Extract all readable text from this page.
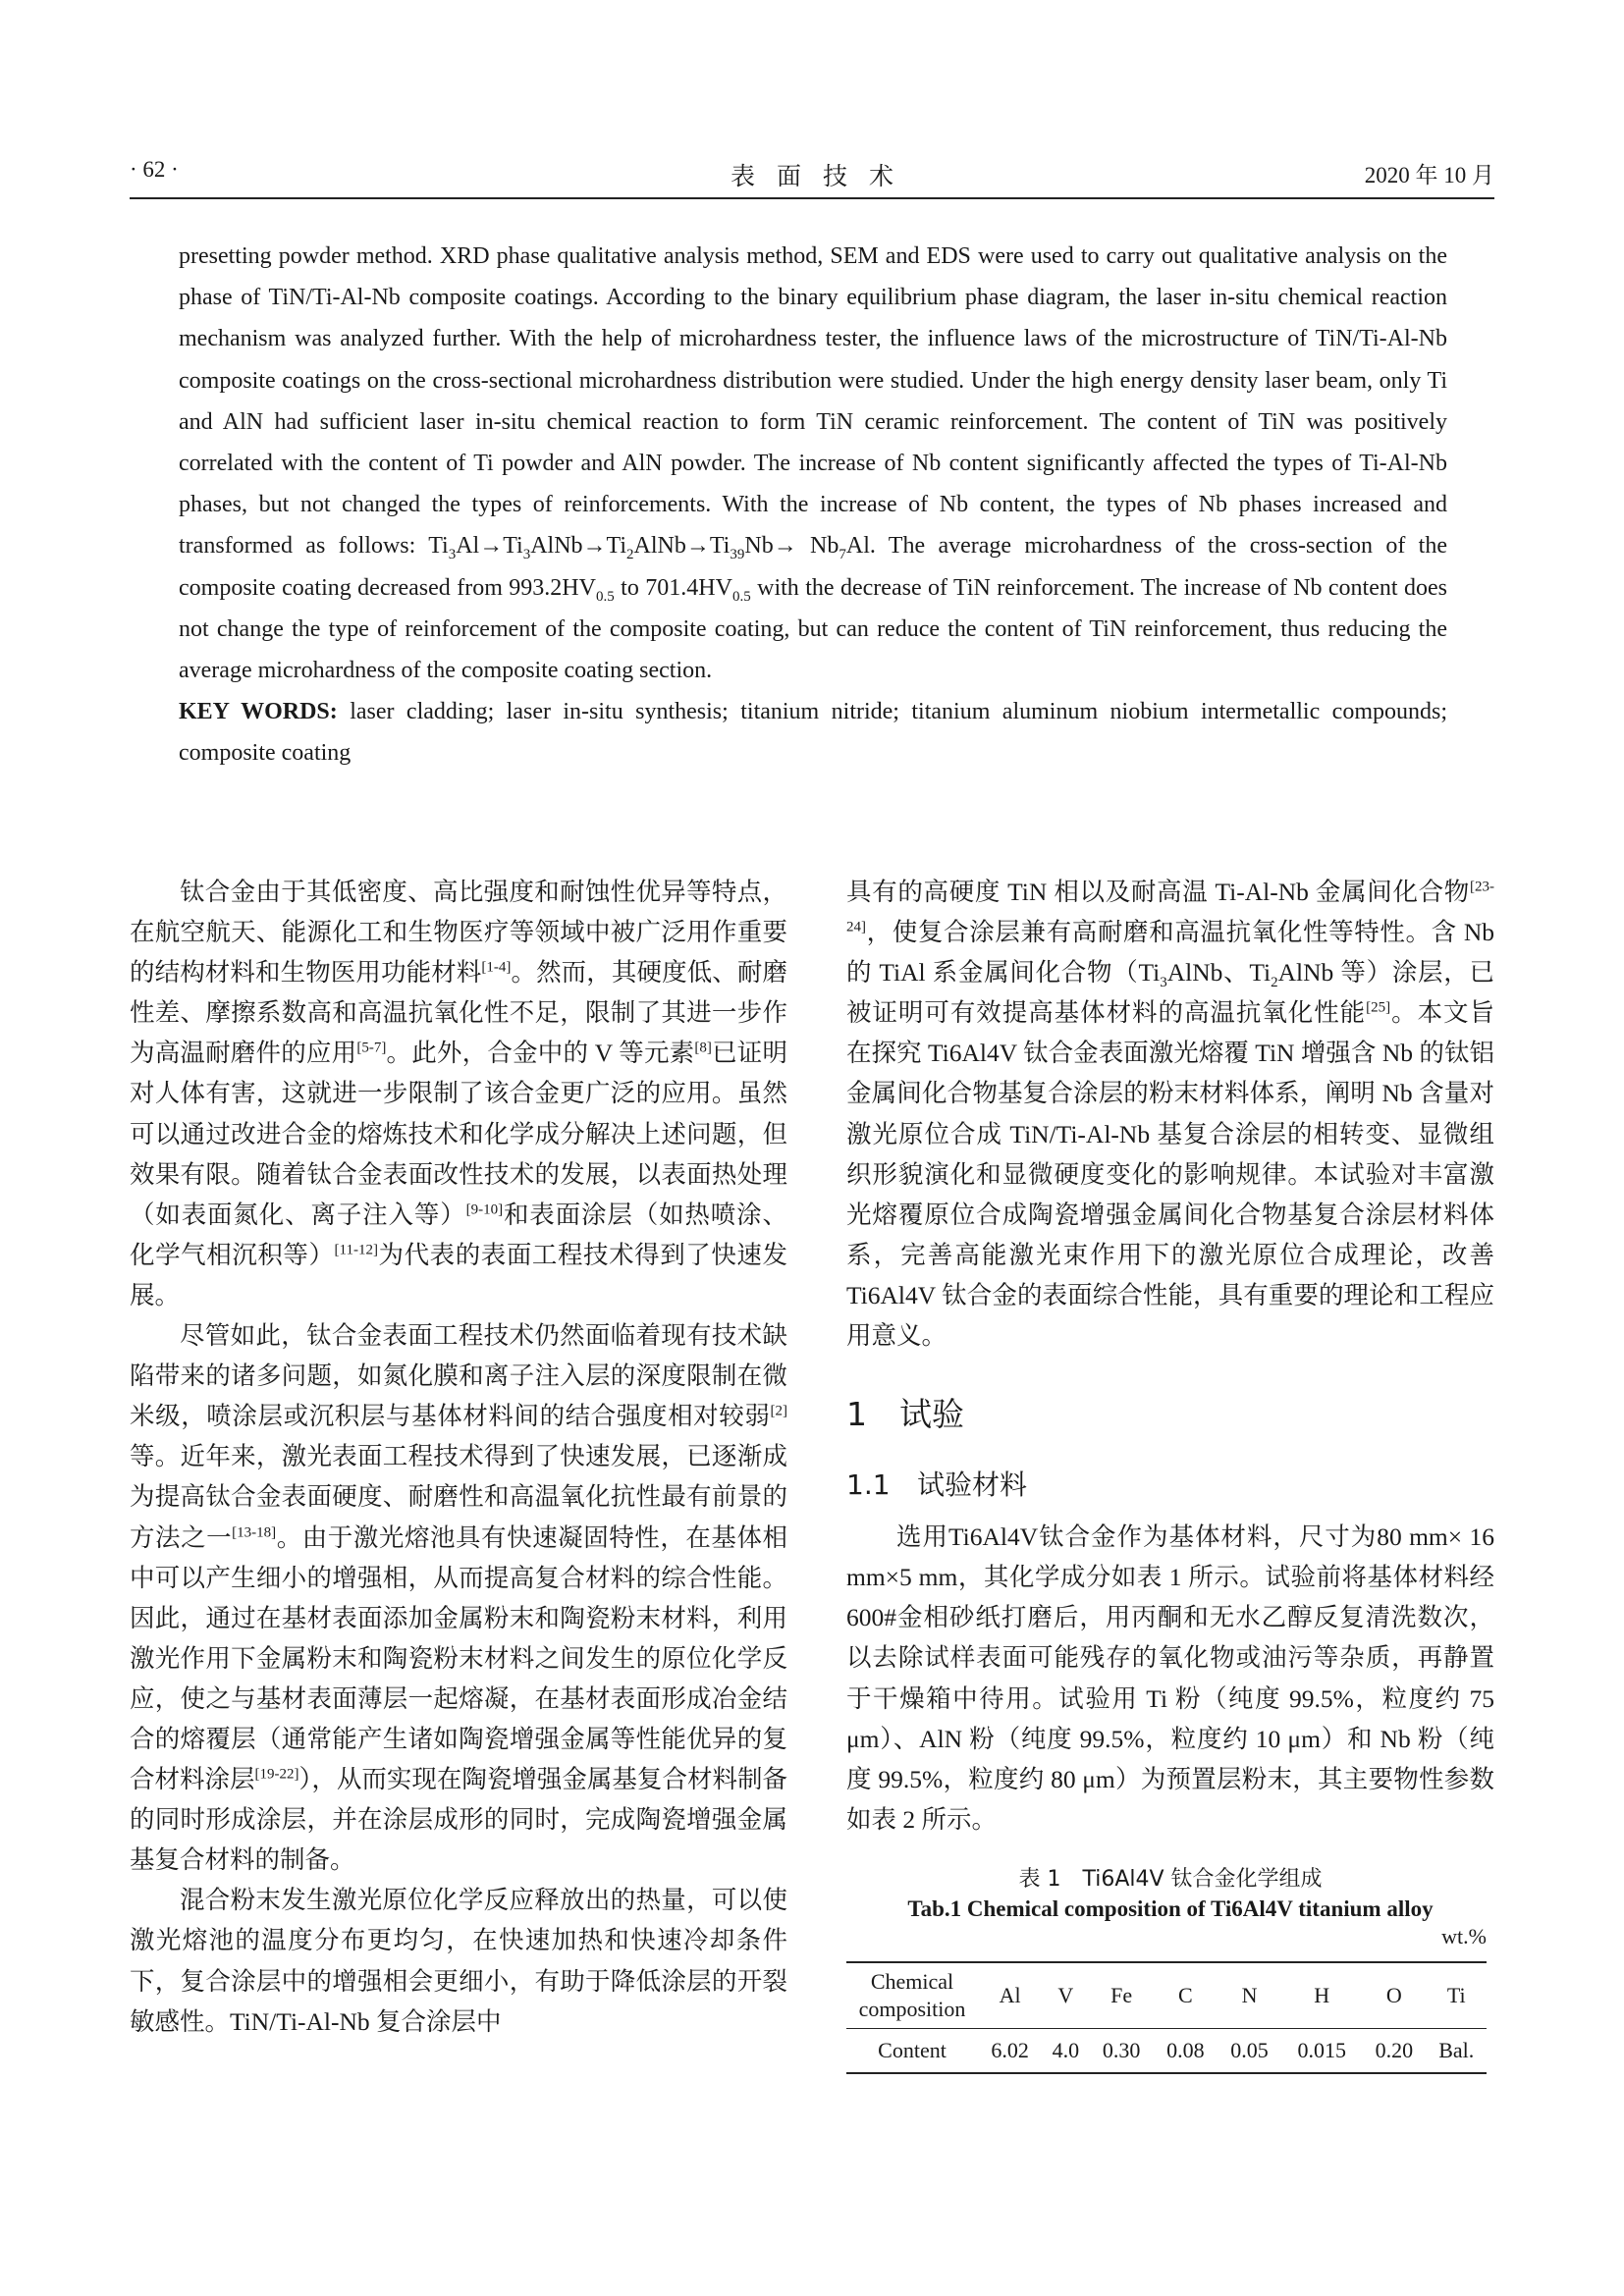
· 62 ·	表面技术	2020 年 10 月

presetting powder method. XRD phase qualitative analysis method, SEM and EDS were used to carry out qualitative analysis on the phase of TiN/Ti-Al-Nb composite coatings. According to the binary equilibrium phase diagram, the laser in-situ chemical reaction mechanism was analyzed further. With the help of microhardness tester, the influence laws of the microstructure of TiN/Ti-Al-Nb composite coatings on the cross-sectional microhardness distribution were studied. Under the high energy density laser beam, only Ti and AlN had sufficient laser in-situ chemical reaction to form TiN ceramic reinforcement. The content of TiN was positively correlated with the content of Ti powder and AlN powder. The increase of Nb content significantly affected the types of Ti-Al-Nb phases, but not changed the types of reinforcements. With the increase of Nb content, the types of Nb phases increased and transformed as follows: $Ti_3Al\to Ti_3AlNb\to Ti_2AlNb\to Ti_{39}Nb\to Nb_7Al$. The average microhardness of the cross-section of the composite coating decreased from $993.2HV_{0.5}$ to $701.4HV_{0.5}$ with the decrease of TiN reinforcement. The increase of Nb content does not change the type of reinforcement of the composite coating, but can reduce the content of TiN reinforcement, thus reducing the average microhardness of the composite coating section.

KEY WORDS: laser cladding; laser in-situ synthesis; titanium nitride; titanium aluminum niobium intermetallic compounds; composite coating

钛合金由于其低密度、高比强度和耐蚀性优异等特点，在航空航天、能源化工和生物医疗等领域中被广泛用作重要的结构材料和生物医用功能材料[1-4]。然而，其硬度低、耐磨性差、摩擦系数高和高温抗氧化性不足，限制了其进一步作为高温耐磨件的应用[5-7]。此外，合金中的 V 等元素[8]已证明对人体有害，这就进一步限制了该合金更广泛的应用。虽然可以通过改进合金的熔炼技术和化学成分解决上述问题，但效果有限。随着钛合金表面改性技术的发展，以表面热处理（如表面氮化、离子注入等）[9-10]和表面涂层（如热喷涂、化学气相沉积等）[11-12]为代表的表面工程技术得到了快速发展。

尽管如此，钛合金表面工程技术仍然面临着现有技术缺陷带来的诸多问题，如氮化膜和离子注入层的深度限制在微米级，喷涂层或沉积层与基体材料间的结合强度相对较弱[2]等。近年来，激光表面工程技术得到了快速发展，已逐渐成为提高钛合金表面硬度、耐磨性和高温氧化抗性最有前景的方法之一[13-18]。由于激光熔池具有快速凝固特性，在基体相中可以产生细小的增强相，从而提高复合材料的综合性能。因此，通过在基材表面添加金属粉末和陶瓷粉末材料，利用激光作用下金属粉末和陶瓷粉末材料之间发生的原位化学反应，使之与基材表面薄层一起熔凝，在基材表面形成冶金结合的熔覆层（通常能产生诸如陶瓷增强金属等性能优异的复合材料涂层[19-22]），从而实现在陶瓷增强金属基复合材料制备的同时形成涂层，并在涂层成形的同时，完成陶瓷增强金属基复合材料的制备。

混合粉末发生激光原位化学反应释放出的热量，可以使激光熔池的温度分布更均匀，在快速加热和快速冷却条件下，复合涂层中的增强相会更细小，有助于降低涂层的开裂敏感性。TiN/Ti-Al-Nb 复合涂层中

具有的高硬度 TiN 相以及耐高温 Ti-Al-Nb 金属间化合物[23-24]，使复合涂层兼有高耐磨和高温抗氧化性等特性。含 Nb 的 TiAl 系金属间化合物（$Ti_3AlNb$、$Ti_2AlNb$ 等）涂层，已被证明可有效提高基体材料的高温抗氧化性能[25]。本文旨在探究 Ti6Al4V 钛合金表面激光熔覆 TiN 增强含 Nb 的钛铝金属间化合物基复合涂层的粉末材料体系，阐明 Nb 含量对激光原位合成 TiN/Ti-Al-Nb 基复合涂层的相转变、显微组织形貌演化和显微硬度变化的影响规律。本试验对丰富激光熔覆原位合成陶瓷增强金属间化合物基复合涂层材料体系，完善高能激光束作用下的激光原位合成理论，改善 Ti6Al4V 钛合金的表面综合性能，具有重要的理论和工程应用意义。

1 试验
1.1 试验材料

选用Ti6Al4V钛合金作为基体材料，尺寸为80 mm× 16 mm×5 mm，其化学成分如表 1 所示。试验前将基体材料经 600#金相砂纸打磨后，用丙酮和无水乙醇反复清洗数次，以去除试样表面可能残存的氧化物或油污等杂质，再静置于干燥箱中待用。试验用 Ti 粉（纯度 99.5%，粒度约 75 μm）、AlN 粉（纯度 99.5%，粒度约 10 μm）和 Nb 粉（纯度 99.5%，粒度约 80 μm）为预置层粉末，其主要物性参数如表 2 所示。

表 1　Ti6Al4V 钛合金化学组成
Tab.1 Chemical composition of Ti6Al4V titanium alloy
wt.%
Chemical composition	Al	V	Fe	C	N	H	O	Ti
Content	6.02	4.0	0.30	0.08	0.05	0.015	0.20	Bal.
